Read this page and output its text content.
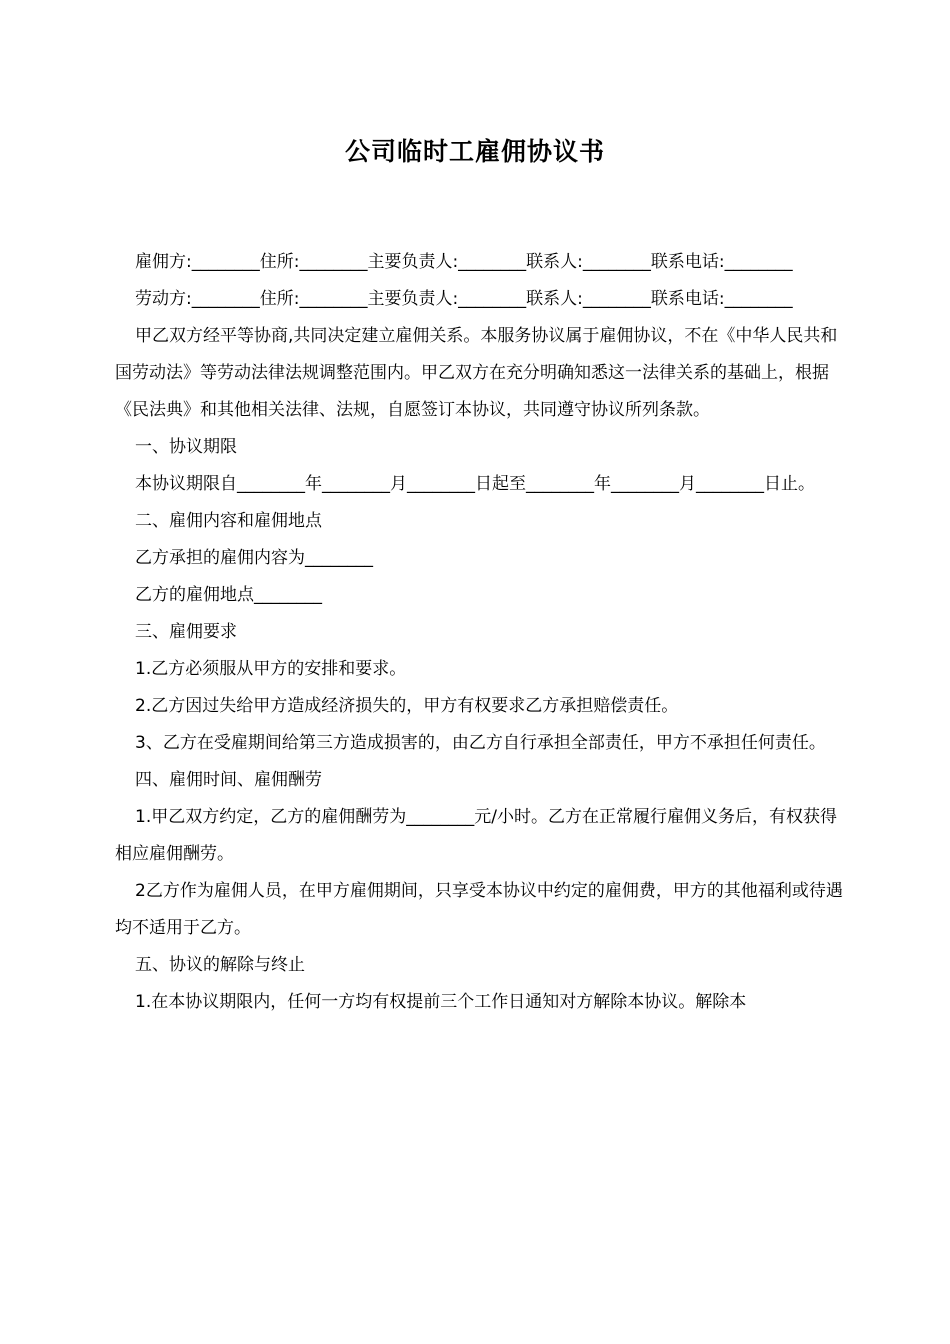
公司临时工雇佣协议书

雇佣方:________住所:________主要负责人:________联系人:________联系电话:________

劳动方:________住所:________主要负责人:________联系人:________联系电话:________

甲乙双方经平等协商,共同决定建立雇佣关系。本服务协议属于雇佣协议，不在《中华人民共和国劳动法》等劳动法律法规调整范围内。甲乙双方在充分明确知悉这一法律关系的基础上，根据《民法典》和其他相关法律、法规，自愿签订本协议，共同遵守协议所列条款。

一、协议期限

本协议期限自________年________月________日起至________年________月________日止。

二、雇佣内容和雇佣地点

乙方承担的雇佣内容为________

乙方的雇佣地点________

三、雇佣要求

1.乙方必须服从甲方的安排和要求。

2.乙方因过失给甲方造成经济损失的，甲方有权要求乙方承担赔偿责任。

3、乙方在受雇期间给第三方造成损害的，由乙方自行承担全部责任，甲方不承担任何责任。

四、雇佣时间、雇佣酬劳

1.甲乙双方约定，乙方的雇佣酬劳为________元/小时。乙方在正常履行雇佣义务后，有权获得相应雇佣酬劳。

2乙方作为雇佣人员，在甲方雇佣期间，只享受本协议中约定的雇佣费，甲方的其他福利或待遇均不适用于乙方。

五、协议的解除与终止

1.在本协议期限内，任何一方均有权提前三个工作日通知对方解除本协议。解除本
